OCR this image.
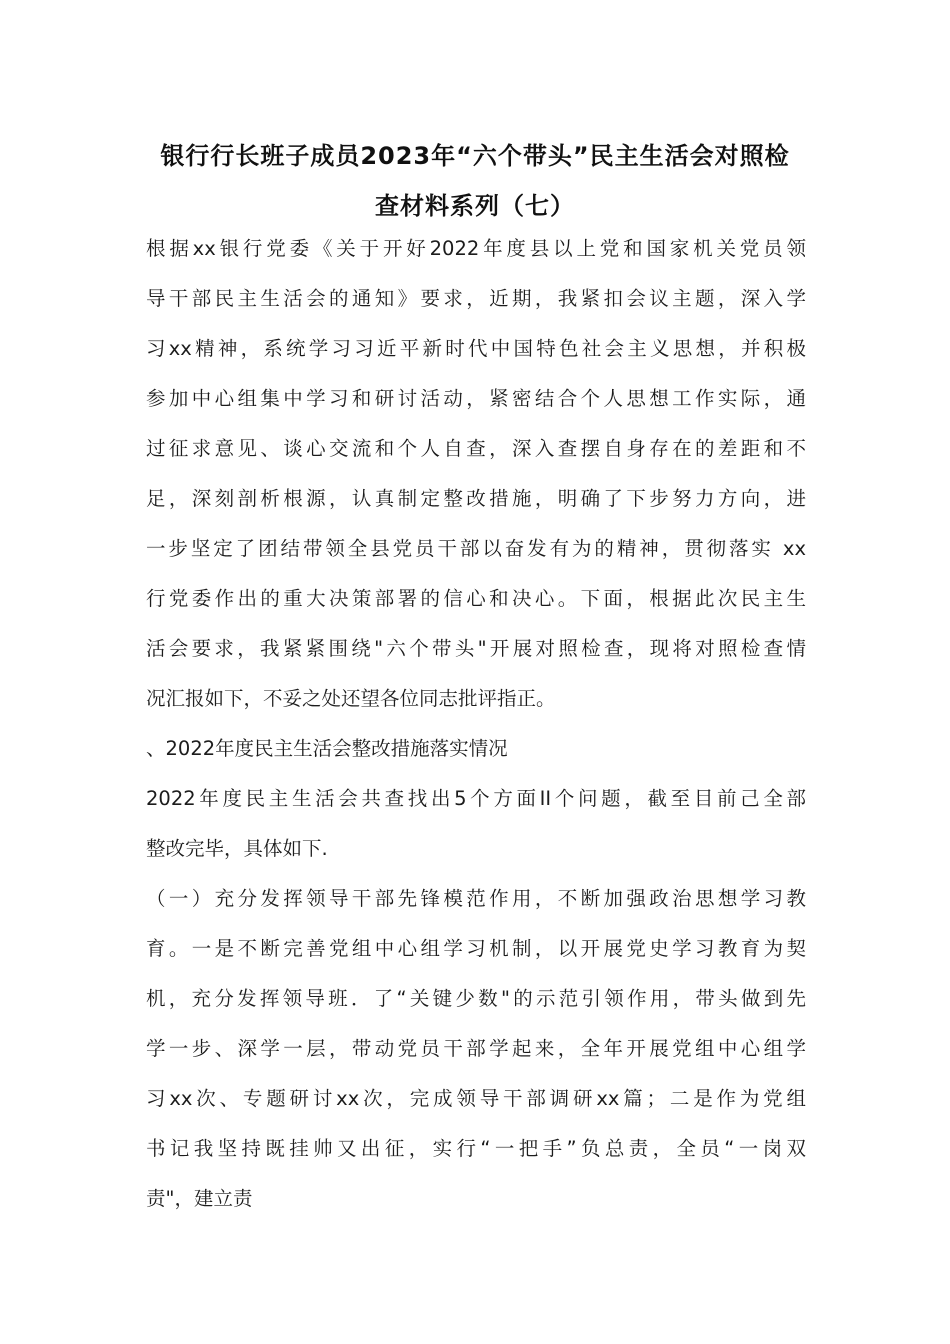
银行行长班子成员2023年“六个带头”民主生活会对照检
查材料系列（七）
根据xx银行党委《关于开好2022年度县以上党和国家机关党员领
导干部民主生活会的通知》要求，近期，我紧扣会议主题，深入学
习xx精神，系统学习习近平新时代中国特色社会主义思想，并积极
参加中心组集中学习和研讨活动，紧密结合个人思想工作实际，通
过征求意见、谈心交流和个人自查，深入查摆自身存在的差距和不
足，深刻剖析根源，认真制定整改措施，明确了下步努力方向，进
一步坚定了团结带领全县党员干部以奋发有为的精神，贯彻落实 xx
行党委作出的重大决策部署的信心和决心。下面，根据此次民主生
活会要求，我紧紧围绕"六个带头"开展对照检查，现将对照检查情
况汇报如下，不妥之处还望各位同志批评指正。
、2022年度民主生活会整改措施落实情况
2022年度民主生活会共查找出5个方面II个问题，截至目前己全部
整改完毕，具体如下.
（一）充分发挥领导干部先锋模范作用，不断加强政治思想学习教
育。一是不断完善党组中心组学习机制，以开展党史学习教育为契
机，充分发挥领导班．了“关键少数"的示范引领作用，带头做到先
学一步、深学一层，带动党员干部学起来，全年开展党组中心组学
习xx次、专题研讨xx次，完成领导干部调研xx篇；二是作为党组
书记我坚持既挂帅又出征，实行“一把手”负总责，全员“一岗双
责"，建立责
